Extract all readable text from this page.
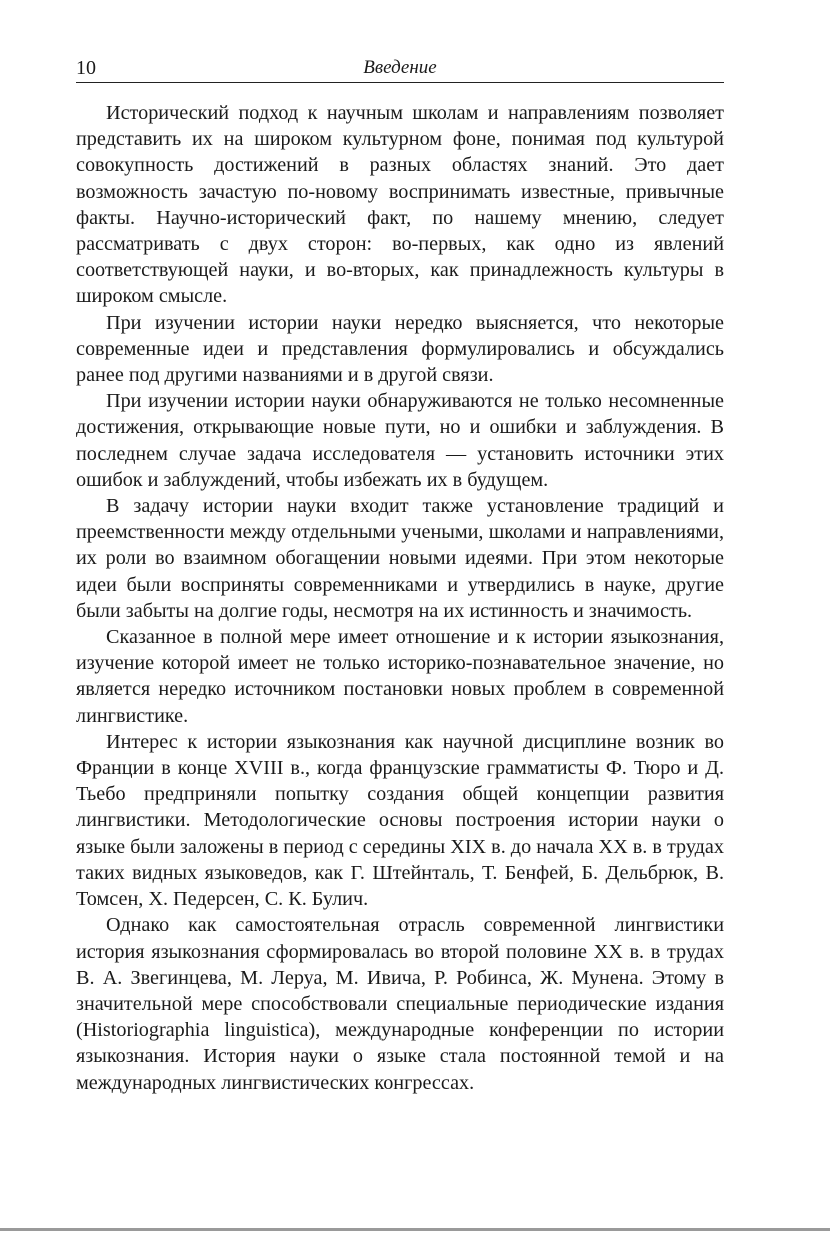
10	Введение

Исторический подход к научным школам и направлениям позволяет представить их на широком культурном фоне, понимая под культурой совокупность достижений в разных областях знаний. Это дает возможность зачастую по-новому воспринимать известные, привычные факты. Научно-исторический факт, по нашему мнению, следует рассматривать с двух сторон: во-первых, как одно из явлений соответствующей науки, и во-вторых, как принадлежность культуры в широком смысле.

При изучении истории науки нередко выясняется, что некоторые современные идеи и представления формулировались и обсуждались ранее под другими названиями и в другой связи.

При изучении истории науки обнаруживаются не только несомненные достижения, открывающие новые пути, но и ошибки и заблуждения. В последнем случае задача исследователя — установить источники этих ошибок и заблуждений, чтобы избежать их в будущем.

В задачу истории науки входит также установление традиций и преемственности между отдельными учеными, школами и направлениями, их роли во взаимном обогащении новыми идеями. При этом некоторые идеи были восприняты современниками и утвердились в науке, другие были забыты на долгие годы, несмотря на их истинность и значимость.

Сказанное в полной мере имеет отношение и к истории языкознания, изучение которой имеет не только историко-познавательное значение, но является нередко источником постановки новых проблем в современной лингвистике.

Интерес к истории языкознания как научной дисциплине возник во Франции в конце XVIII в., когда французские грамматисты Ф. Тюро и Д. Тьебо предприняли попытку создания общей концепции развития лингвистики. Методологические основы построения истории науки о языке были заложены в период с середины XIX в. до начала XX в. в трудах таких видных языковедов, как Г. Штейнталь, Т. Бенфей, Б. Дельбрюк, В. Томсен, Х. Педерсен, С. К. Булич.

Однако как самостоятельная отрасль современной лингвистики история языкознания сформировалась во второй половине XX в. в трудах В. А. Звегинцева, М. Леруа, М. Ивича, Р. Робинса, Ж. Мунена. Этому в значительной мере способствовали специальные периодические издания (Historiographia linguistica), международные конференции по истории языкознания. История науки о языке стала постоянной темой и на международных лингвистических конгрессах.
